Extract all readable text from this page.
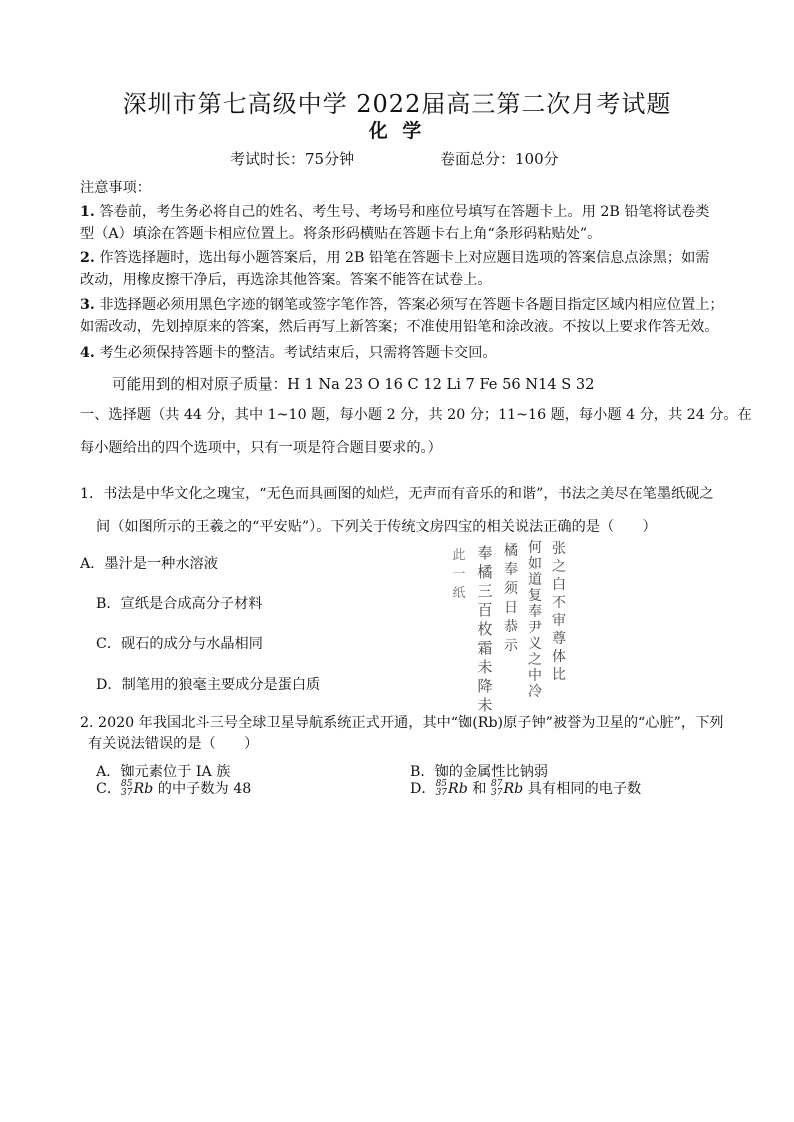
深圳市第七高级中学 2022届高三第二次月考试题
化 学
考试时长：75分钟	卷面总分：100分
注意事项：
1. 答卷前，考生务必将自己的姓名、考生号、考场号和座位号填写在答题卡上。用 2B 铅笔将试卷类
型（A）填涂在答题卡相应位置上。将条形码横贴在答题卡右上角“条形码粘贴处”。
2. 作答选择题时，选出每小题答案后，用 2B 铅笔在答题卡上对应题目选项的答案信息点涂黑；如需
改动，用橡皮擦干净后，再选涂其他答案。答案不能答在试卷上。
3. 非选择题必须用黑色字迹的钢笔或签字笔作答，答案必须写在答题卡各题目指定区域内相应位置上；
如需改动，先划掉原来的答案，然后再写上新答案；不准使用铅笔和涂改液。不按以上要求作答无效。
4. 考生必须保持答题卡的整洁。考试结束后，只需将答题卡交回。
可能用到的相对原子质量：H 1 Na 23 O 16 C 12 Li 7 Fe 56 N14 S 32
一、选择题（共 44 分，其中 1~10 题，每小题 2 分，共 20 分；11~16 题，每小题 4 分，共 24 分。在
每小题给出的四个选项中，只有一项是符合题目要求的。）
1．书法是中华文化之瑰宝，“无色而具画图的灿烂，无声而有音乐的和谐”，书法之美尽在笔墨纸砚之
间（如图所示的王羲之的“平安贴”）。下列关于传统文房四宝的相关说法正确的是（　　）
A．墨汁是一种水溶液
B．宣纸是合成高分子材料
C．砚石的成分与水晶相同
D．制笔用的狼毫主要成分是蛋白质
此一纸
奉橘三百枚霜未降未
橘奉须日恭示
何如道复奉尹义之中冷
张之白不审尊体比
2. 2020 年我国北斗三号全球卫星导航系统正式开通，其中“铷(Rb)原子钟”被誉为卫星的“心脏”，下列
有关说法错误的是（　　）
A．铷元素位于 IA 族	B．铷的金属性比钠弱
C． 85
37 Rb 的中子数为 48	D． 85
37 Rb 和 87
37 Rb 具有相同的电子数
